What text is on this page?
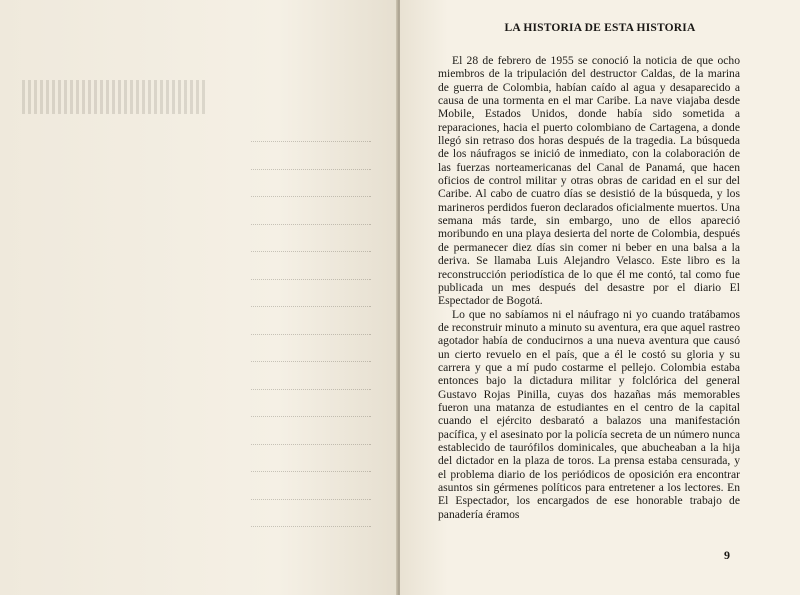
LA HISTORIA DE ESTA HISTORIA

El 28 de febrero de 1955 se conoció la noticia de que ocho miembros de la tripulación del destructor Caldas, de la marina de guerra de Colombia, habían caído al agua y desaparecido a causa de una tormenta en el mar Caribe. La nave viajaba desde Mobile, Estados Unidos, donde había sido sometida a reparaciones, hacia el puerto colombiano de Cartagena, a donde llegó sin retraso dos horas después de la tragedia. La búsqueda de los náufragos se inició de inmediato, con la colaboración de las fuerzas norteamericanas del Canal de Panamá, que hacen oficios de control militar y otras obras de caridad en el sur del Caribe. Al cabo de cuatro días se desistió de la búsqueda, y los marineros perdidos fueron declarados oficialmente muertos. Una semana más tarde, sin embargo, uno de ellos apareció moribundo en una playa desierta del norte de Colombia, después de permanecer diez días sin comer ni beber en una balsa a la deriva. Se llamaba Luis Alejandro Velasco. Este libro es la reconstrucción periodística de lo que él me contó, tal como fue publicada un mes después del desastre por el diario El Espectador de Bogotá.

Lo que no sabíamos ni el náufrago ni yo cuando tratábamos de reconstruir minuto a minuto su aventura, era que aquel rastreo agotador había de conducirnos a una nueva aventura que causó un cierto revuelo en el país, que a él le costó su gloria y su carrera y que a mí pudo costarme el pellejo. Colombia estaba entonces bajo la dictadura militar y folclórica del general Gustavo Rojas Pinilla, cuyas dos hazañas más memorables fueron una matanza de estudiantes en el centro de la capital cuando el ejército desbarató a balazos una manifestación pacífica, y el asesinato por la policía secreta de un número nunca establecido de taurófilos dominicales, que abucheaban a la hija del dictador en la plaza de toros. La prensa estaba censurada, y el problema diario de los periódicos de oposición era encontrar asuntos sin gérmenes políticos para entretener a los lectores. En El Espectador, los encargados de ese honorable trabajo de panadería éramos

9
